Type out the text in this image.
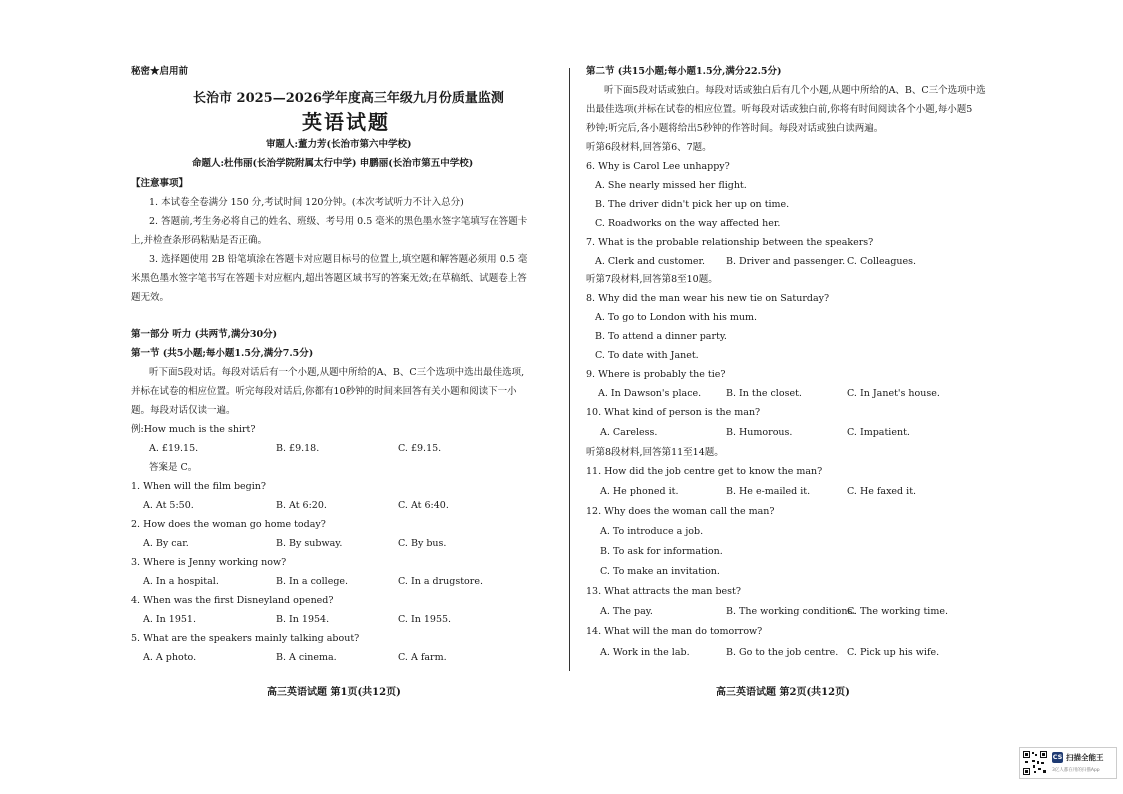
秘密★启用前
长治市 2025—2026学年度高三年级九月份质量监测
英语试题
审题人:董力芳(长治市第六中学校)
命题人:杜伟丽(长治学院附属太行中学) 申鹏丽(长治市第五中学校)
【注意事项】
1. 本试卷全卷满分 150 分,考试时间 120分钟。(本次考试听力不计入总分)
2. 答题前,考生务必将自己的姓名、班级、考号用 0.5 毫米的黑色墨水签字笔填写在答题卡
上,并检查条形码粘贴是否正确。
3. 选择题使用 2B 铅笔填涂在答题卡对应题目标号的位置上,填空题和解答题必须用 0.5 毫
米黑色墨水签字笔书写在答题卡对应框内,超出答题区域书写的答案无效;在草稿纸、试题卷上答
题无效。
第一部分 听力 (共两节,满分30分)
第一节 (共5小题;每小题1.5分,满分7.5分)
听下面5段对话。每段对话后有一个小题,从题中所给的A、B、C三个选项中选出最佳选项,
并标在试卷的相应位置。听完每段对话后,你都有10秒钟的时间来回答有关小题和阅读下一小
题。每段对话仅读一遍。
例:How much is the shirt?
A. £19.15.	B. £9.18.	C. £9.15.
答案是 C。
1. When will the film begin?
A. At 5:50.	B. At 6:20.	C. At 6:40.
2. How does the woman go home today?
A. By car.	B. By subway.	C. By bus.
3. Where is Jenny working now?
A. In a hospital.	B. In a college.	C. In a drugstore.
4. When was the first Disneyland opened?
A. In 1951.	B. In 1954.	C. In 1955.
5. What are the speakers mainly talking about?
A. A photo.	B. A cinema.	C. A farm.
高三英语试题 第1页(共12页)
第二节 (共15小题;每小题1.5分,满分22.5分)
听下面5段对话或独白。每段对话或独白后有几个小题,从题中所给的A、B、C三个选项中选
出最佳选项(并标在试卷的相应位置。听每段对话或独白前,你将有时间阅读各个小题,每小题5
秒钟;听完后,各小题将给出5秒钟的作答时间。每段对话或独白读两遍。
听第6段材料,回答第6、7题。
6. Why is Carol Lee unhappy?
A. She nearly missed her flight.
B. The driver didn't pick her up on time.
C. Roadworks on the way affected her.
7. What is the probable relationship between the speakers?
A. Clerk and customer. B. Driver and passenger. C. Colleagues.
听第7段材料,回答第8至10题。
8. Why did the man wear his new tie on Saturday?
A. To go to London with his mum.
B. To attend a dinner party.
C. To date with Janet.
9. Where is probably the tie?
A. In Dawson's place.	B. In the closet.	C. In Janet's house.
10. What kind of person is the man?
A. Careless.	B. Humorous.	C. Impatient.
听第8段材料,回答第11至14题。
11. How did the job centre get to know the man?
A. He phoned it.	B. He e-mailed it.	C. He faxed it.
12. Why does the woman call the man?
A. To introduce a job.
B. To ask for information.
C. To make an invitation.
13. What attracts the man best?
A. The pay.	B. The working conditions.
C. The working time.
14. What will the man do tomorrow?
A. Work in the lab.	B. Go to the job centre. C. Pick up his wife.
高三英语试题 第2页(共12页)
CS 扫描全能王
3亿人都在用的扫描App
